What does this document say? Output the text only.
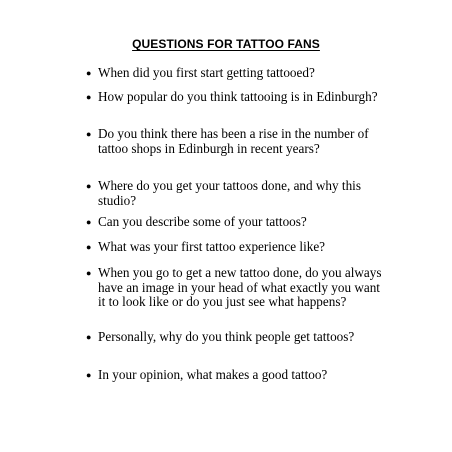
QUESTIONS FOR TATTOO FANS
● When did you first start getting tattooed?

● How popular do you think tattooing is in Edinburgh?

● Do you think there has been a rise in the number of tattoo shops in Edinburgh in recent years?

● Where do you get your tattoos done, and why this studio?

● Can you describe some of your tattoos?

● What was your first tattoo experience like?

● When you go to get a new tattoo done, do you always have an image in your head of what exactly you want it to look like or do you just see what happens?

● Personally, why do you think people get tattoos?

● In your opinion, what makes a good tattoo?
